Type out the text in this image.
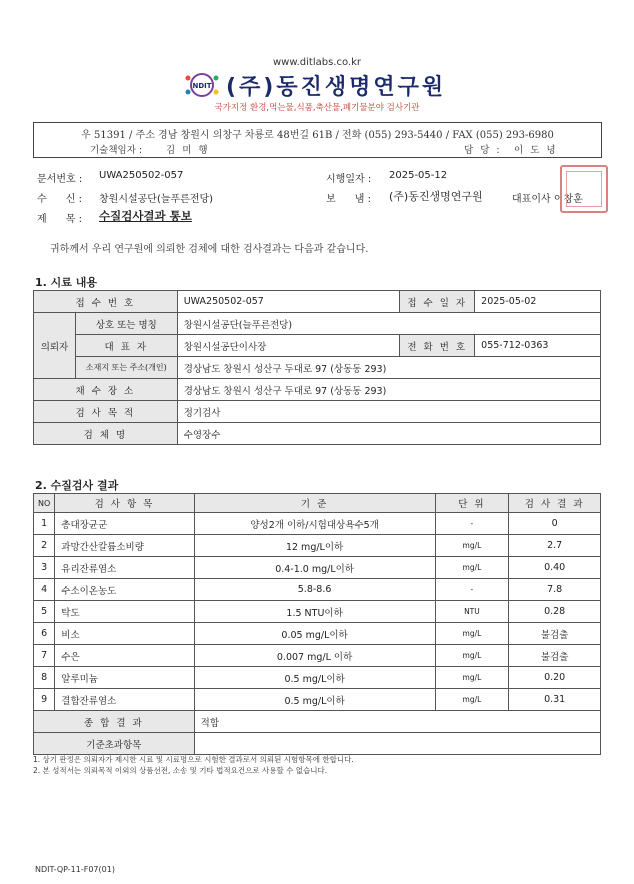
www.ditlabs.co.kr
NDIT (주)동진생명연구원
국가지정 환경,먹는물,식품,축산물,폐기물분야 검사기관
우 51391 / 주소 경남 창원시 의창구 차룡로 48번길 61B / 전화 (055) 293-5440 / FAX (055) 293-6980
기술책임자 :	김 미 행	담 당 : 이 도 녕
문서번호 : UWA250502-057
수      신 : 창원시설공단(늘푸른전당)
제      목 : 수질검사결과 통보
시행일자 : 2025-05-12
보      냄 : (주)동진생명연구원	대표이사 이창훈
귀하께서 우리 연구원에 의뢰한 검체에 대한 검사결과는 다음과 같습니다.
1. 시료 내용
접 수 번 호		UWA250502-057	접 수 일 자	2025-05-02
의뢰자	상호 또는 명칭	창원시설공단(늘푸른전당)		
	대 표 자	창원시설공단이사장	전 화 번 호	055-712-0363
	소재지 또는 주소(개인)	경상남도 창원시 성산구 두대로 97 (상동동 293)		
채 수 장 소		경상남도 창원시 성산구 두대로 97 (상동동 293)		
검 사 목 적		정기검사		
검 체 명		수영장수		
2. 수질검사 결과
NO	검 사 항 목	기 준	단 위	검 사 결 과
1	총대장균군	양성2개 이하/시험대상욕수5개	-	0
2	과망간산칼륨소비량	12 mg/L이하	mg/L	2.7
3	유리잔류염소	0.4-1.0 mg/L이하	mg/L	0.40
4	수소이온농도	5.8-8.6	-	7.8
5	탁도	1.5 NTU이하	NTU	0.28
6	비소	0.05 mg/L이하	mg/L	불검출
7	수은	0.007 mg/L 이하	mg/L	불검출
8	알루미늄	0.5 mg/L이하	mg/L	0.20
9	결합잔류염소	0.5 mg/L이하	mg/L	0.31
종 합 결 과		적합		
기준초과항목				
1. 상기 판정은 의뢰자가 제시한 시료 및 시료명으로 시험한 결과로서 의뢰된 시험항목에 한합니다.
2. 본 성적서는 의뢰목적 이외의 상품선전, 소송 및 기타 법적요건으로 사용할 수 없습니다.
NDIT-QP-11-F07(01)
